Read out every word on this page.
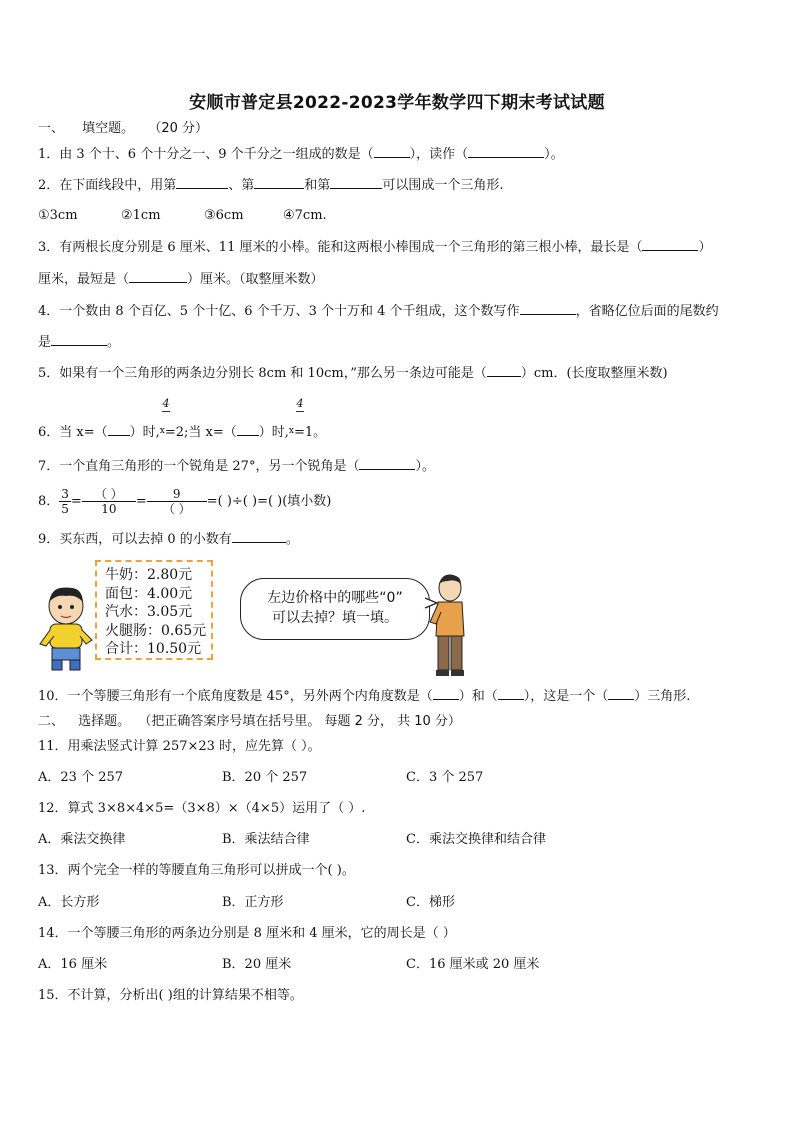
安顺市普定县2022-2023学年数学四下期末考试试题
一、 填空题。 （20 分）
1．由 3 个十、6 个十分之一、9 个千分之一组成的数是（	），读作（	）。
2．在下面线段中，用第	、第	和第	可以围成一个三角形.
①3cm	②1cm	③6cm	④7cm.
3．有两根长度分别是 6 厘米、11 厘米的小棒。能和这两根小棒围成一个三角形的第三根小棒，最长是（	）
厘米，最短是（	）厘米。（取整厘米数）
4．一个数由 8 个百亿、5 个十亿、6 个千万、3 个十万和 4 个千组成，这个数写作	，省略亿位后面的尾数约
是	。
5．如果有一个三角形的两条边分别长 8cm 和 10cm，”那么另一条边可能是（	）cm．(长度取整厘米数)
4	4
6．当 x=（ ）时,$^x$=2;当 x=（ ）时,$^x$=1。
7．一个直角三角形的一个锐角是 27°，另一个锐角是（	）。
8． $\frac{3}{5} = \frac{( )}{10} = \frac{9}{( )}$ =( )÷( )=( )(填小数)
9．买东西，可以去掉 0 的小数有	。
牛奶：2.80元
面包：4.00元
汽水：3.05元
火腿肠：0.65元
合计：10.50元
左边价格中的哪些“0”
可以去掉？填一填。
10．一个等腰三角形有一个底角度数是 45°，另外两个内角度数是（ ）和（ ），这是一个（ ）三角形.
二、 选择题。 （把正确答案序号填在括号里。 每题 2 分， 共 10 分）
11．用乘法竖式计算 257×23 时，应先算（ ）。
A．23 个 257	B．20 个 257	C．3 个 257
12．算式 3×8×4×5=（3×8）×（4×5）运用了（ ）.
A．乘法交换律	B．乘法结合律	C．乘法交换律和结合律
13．两个完全一样的等腰直角三角形可以拼成一个( )。
A．长方形	B．正方形	C．梯形
14．一个等腰三角形的两条边分别是 8 厘米和 4 厘米，它的周长是（ ）
A．16 厘米	B．20 厘米	C．16 厘米或 20 厘米
15．不计算，分析出( )组的计算结果不相等。
